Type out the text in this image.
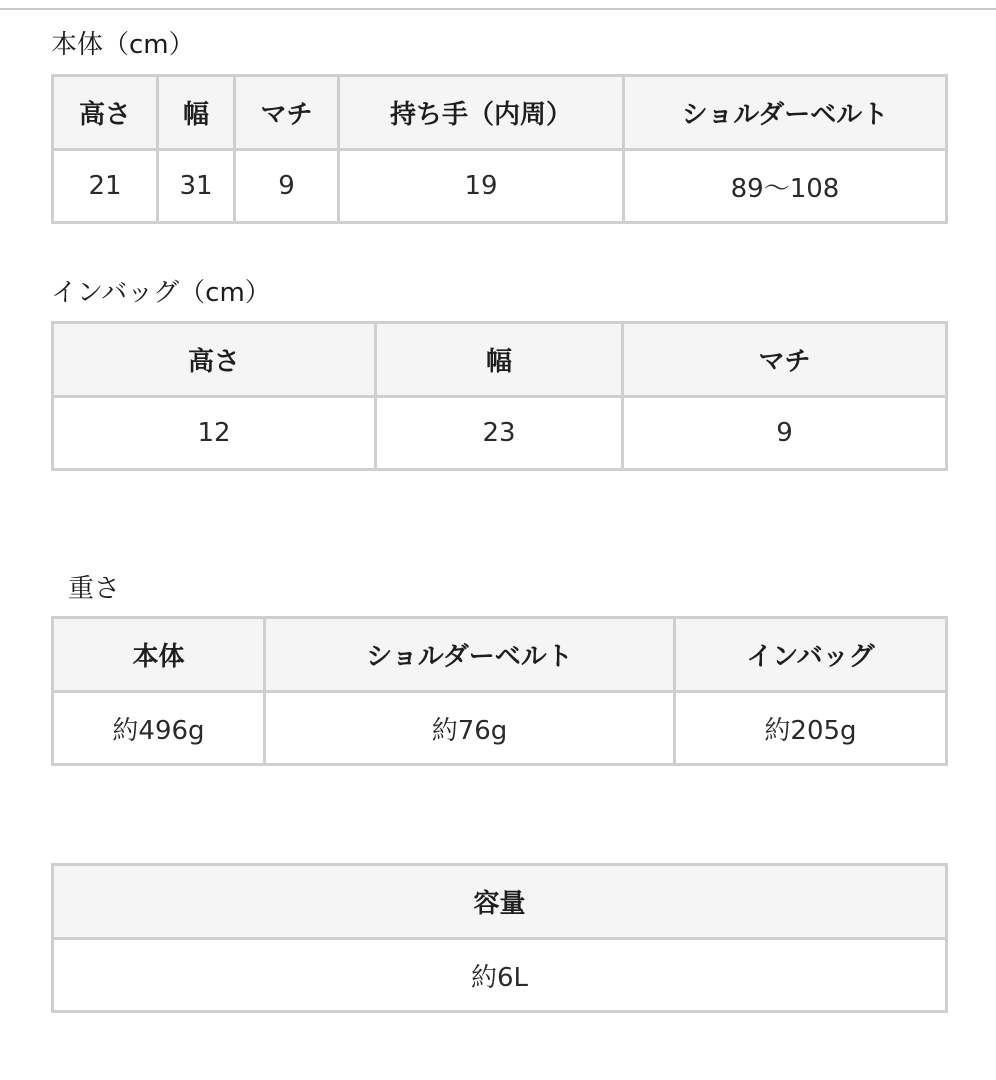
本体（cm）
高さ	幅	マチ	持ち手（内周）	ショルダーベルト
21	31	9	19	89〜108
インバッグ（cm）
高さ	幅	マチ
12	23	9
重さ
本体	ショルダーベルト	インバッグ
約496g	約76g	約205g
容量
約6L
